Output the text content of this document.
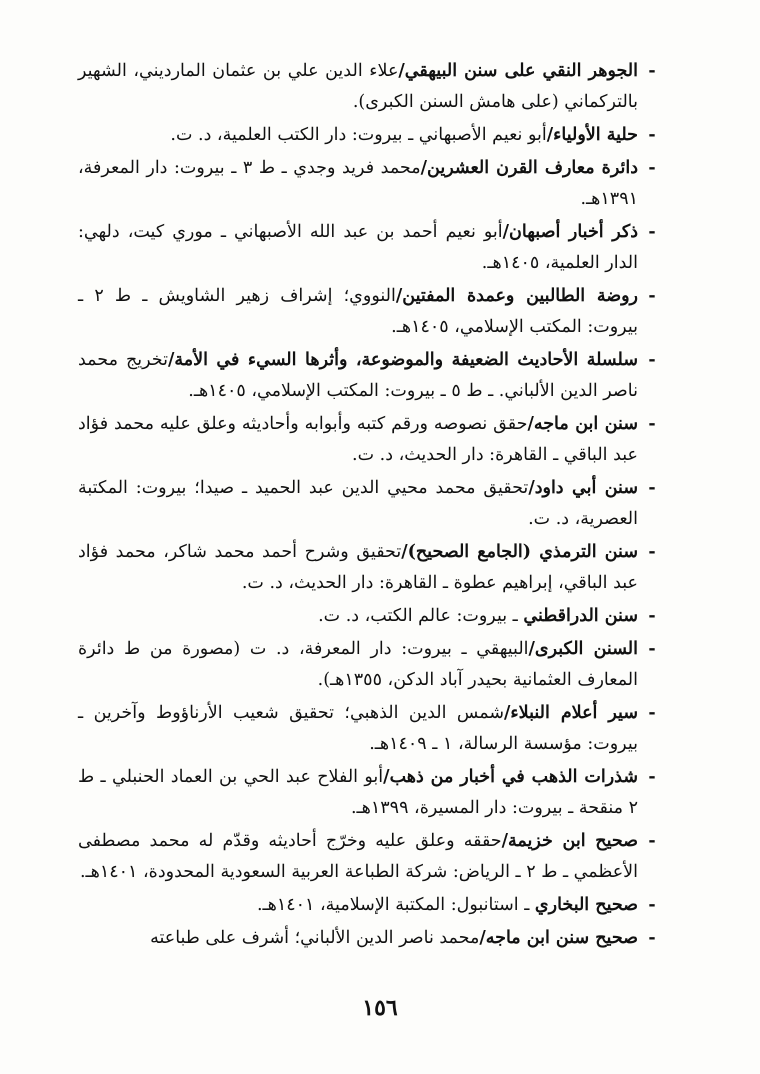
-
الجوهر النقي على سنن البيهقي/علاء الدين علي بن عثمان المارديني، الشهير بالتركماني (على هامش السنن الكبرى).
-
حلية الأولياء/أبو نعيم الأصبهاني ـ بيروت: دار الكتب العلمية، د. ت.
-
دائرة معارف القرن العشرين/محمد فريد وجدي ـ ط ٣ ـ بيروت: دار المعرفة، ١٣٩١هـ.
-
ذكر أخبار أصبهان/أبو نعيم أحمد بن عبد الله الأصبهاني ـ موري كيت، دلهي: الدار العلمية، ١٤٠٥هـ.
-
روضة الطالبين وعمدة المفتين/النووي؛ إشراف زهير الشاويش ـ ط ٢ ـ بيروت: المكتب الإسلامي، ١٤٠٥هـ.
-
سلسلة الأحاديث الضعيفة والموضوعة، وأثرها السيء في الأمة/تخريج محمد ناصر الدين الألباني. ـ ط ٥ ـ بيروت: المكتب الإسلامي، ١٤٠٥هـ.
-
سنن ابن ماجه/حقق نصوصه ورقم كتبه وأبوابه وأحاديثه وعلق عليه محمد فؤاد عبد الباقي ـ القاهرة: دار الحديث، د. ت.
-
سنن أبي داود/تحقيق محمد محيي الدين عبد الحميد ـ صيدا؛ بيروت: المكتبة العصرية، د. ت.
-
سنن الترمذي (الجامع الصحيح)/تحقيق وشرح أحمد محمد شاكر، محمد فؤاد عبد الباقي، إبراهيم عطوة ـ القاهرة: دار الحديث، د. ت.
-
سنن الدراقطني ـ بيروت: عالم الكتب، د. ت.
-
السنن الكبرى/البيهقي ـ بيروت: دار المعرفة، د. ت (مصورة من ط دائرة المعارف العثمانية بحيدر آباد الدكن، ١٣٥٥هـ).
-
سير أعلام النبلاء/شمس الدين الذهبي؛ تحقيق شعيب الأرناؤوط وآخرين ـ بيروت: مؤسسة الرسالة، ١ ـ ١٤٠٩هـ.
-
شذرات الذهب في أخبار من ذهب/أبو الفلاح عبد الحي بن العماد الحنبلي ـ ط ٢ منقحة ـ بيروت: دار المسيرة، ١٣٩٩هـ.
-
صحيح ابن خزيمة/حققه وعلق عليه وخرّج أحاديثه وقدّم له محمد مصطفى الأعظمي ـ ط ٢ ـ الرياض: شركة الطباعة العربية السعودية المحدودة، ١٤٠١هـ.
-
صحيح البخاري ـ استانبول: المكتبة الإسلامية، ١٤٠١هـ.
-
صحيح سنن ابن ماجه/محمد ناصر الدين الألباني؛ أشرف على طباعته
١٥٦
